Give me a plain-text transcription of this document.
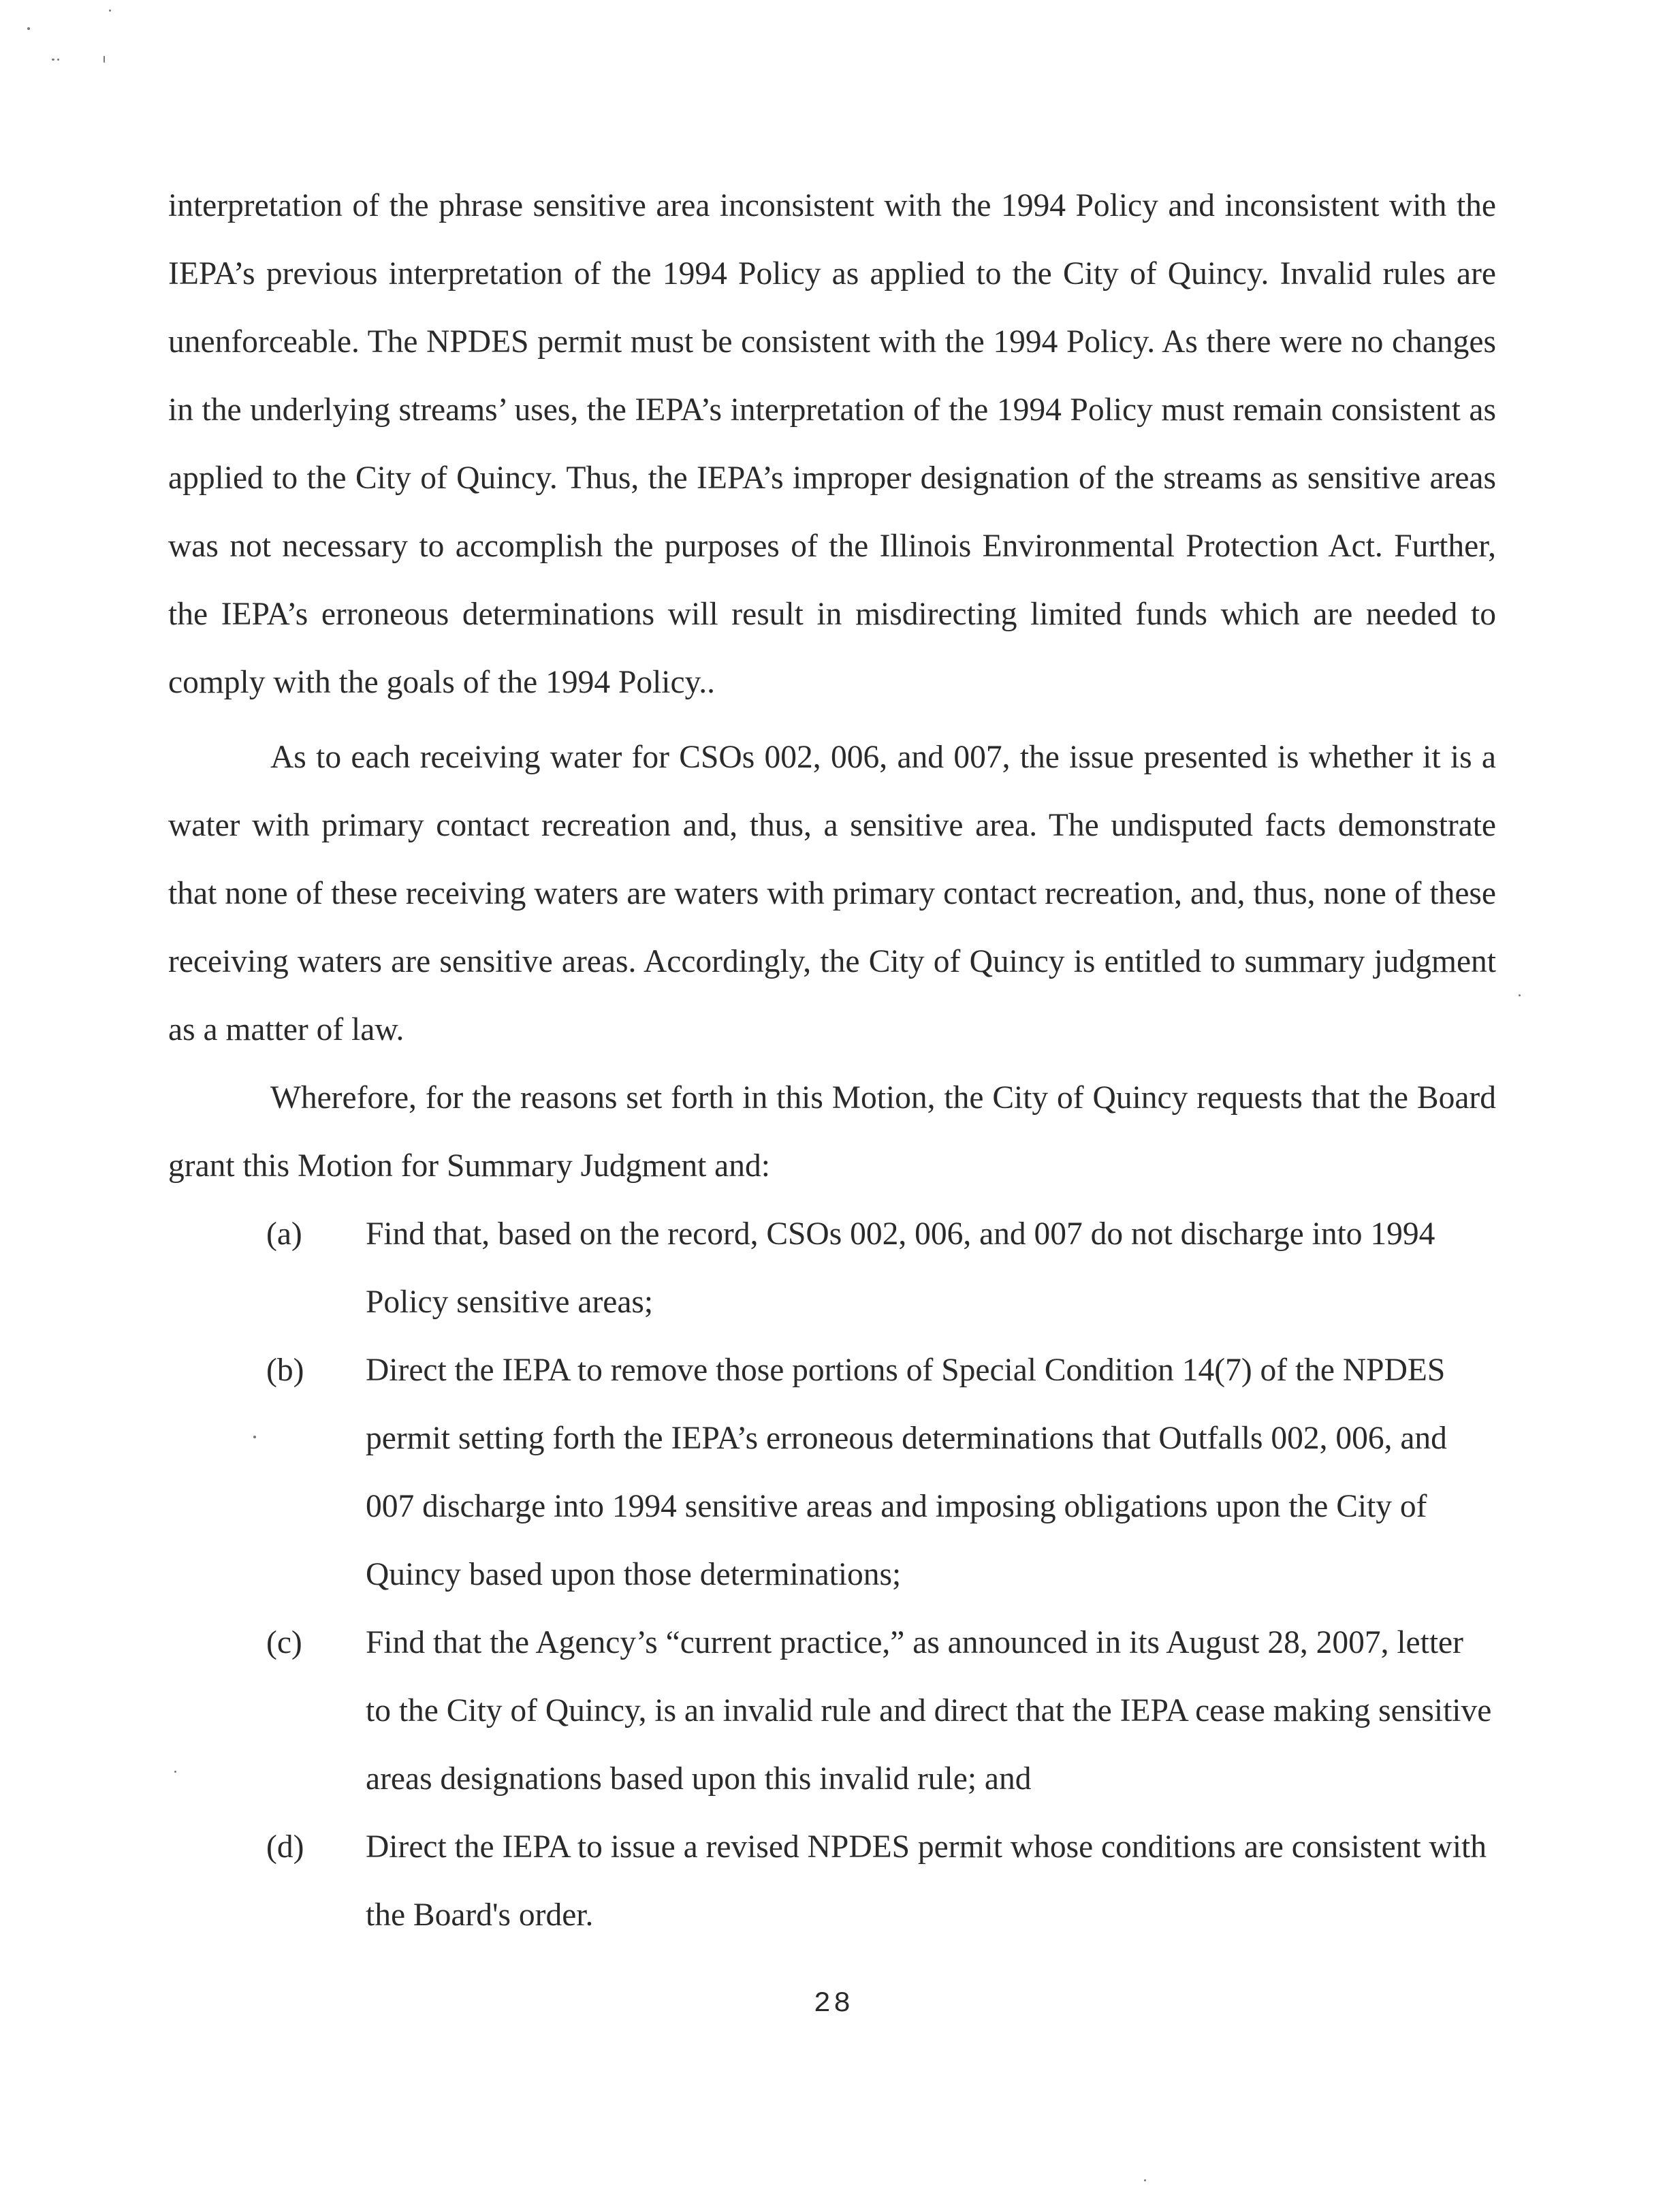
interpretation of the phrase sensitive area inconsistent with the 1994 Policy and inconsistent with the IEPA’s previous interpretation of the 1994 Policy as applied to the City of Quincy. Invalid rules are unenforceable. The NPDES permit must be consistent with the 1994 Policy. As there were no changes in the underlying streams’ uses, the IEPA’s interpretation of the 1994 Policy must remain consistent as applied to the City of Quincy. Thus, the IEPA’s improper designation of the streams as sensitive areas was not necessary to accomplish the purposes of the Illinois Environmental Protection Act. Further, the IEPA’s erroneous determinations will result in misdirecting limited funds which are needed to comply with the goals of the 1994 Policy..

As to each receiving water for CSOs 002, 006, and 007, the issue presented is whether it is a water with primary contact recreation and, thus, a sensitive area. The undisputed facts demonstrate that none of these receiving waters are waters with primary contact recreation, and, thus, none of these receiving waters are sensitive areas. Accordingly, the City of Quincy is entitled to summary judgment as a matter of law.

Wherefore, for the reasons set forth in this Motion, the City of Quincy requests that the Board grant this Motion for Summary Judgment and:

(a)	Find that, based on the record, CSOs 002, 006, and 007 do not discharge into 1994 Policy sensitive areas;

(b)	Direct the IEPA to remove those portions of Special Condition 14(7) of the NPDES permit setting forth the IEPA’s erroneous determinations that Outfalls 002, 006, and 007 discharge into 1994 sensitive areas and imposing obligations upon the City of Quincy based upon those determinations;

(c)	Find that the Agency’s “current practice,” as announced in its August 28, 2007, letter to the City of Quincy, is an invalid rule and direct that the IEPA cease making sensitive areas designations based upon this invalid rule; and

(d)	Direct the IEPA to issue a revised NPDES permit whose conditions are consistent with the Board's order.

28
